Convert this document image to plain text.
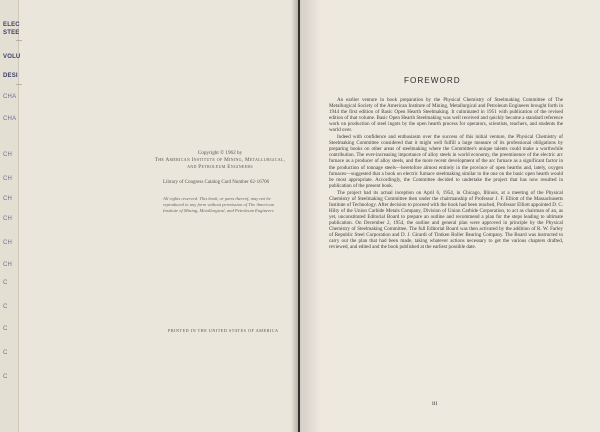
ELEC
STEE
VOLU
DESI
CHA
CHA
CH
CH
CH
CH
CH
CH
C
C
C
C
C
Copyright © 1962 by
The American Institute of Mining, Metallurgical, and Petroleum Engineers
Library of Congress Catalog Card Number 62-16706
All rights reserved. This book, or parts thereof, may not be reproduced in any form without permission of The American Institute of Mining, Metallurgical, and Petroleum Engineers
PRINTED IN THE UNITED STATES OF AMERICA
FOREWORD

An earlier venture in book preparation by the Physical Chemistry of Steelmaking Committee of The Metallurgical Society of the American Institute of Mining, Metallurgical and Petroleum Engineers brought forth in 1944 the first edition of Basic Open Hearth Steelmaking. It culminated in 1951 with publication of the revised edition of that volume. Basic Open Hearth Steelmaking was well received and quickly became a standard reference work on production of steel ingots by the open hearth process for operators, scientists, teachers, and students the world over.

Indeed with confidence and enthusiasm over the success of this initial venture, the Physical Chemistry of Steelmaking Committee considered that it might well fulfill a large measure of its professional obligations by preparing books on other areas of steelmaking where the Committee's unique talents could make a worthwhile contribution. The ever-increasing importance of alloy steels in world economy, the preeminence of the electric arc furnace as a producer of alloy steels, and the more recent development of the arc furnace as a significant factor in the production of tonnage steels—heretofore almost entirely in the province of open hearths and, lately, oxygen furnaces—suggested that a book on electric furnace steelmaking similar to the one on the basic open hearth would be most appropriate. Accordingly, the Committee decided to undertake the project that has now resulted in publication of the present book.

The project had its actual inception on April 6, 1954, in Chicago, Illinois, at a meeting of the Physical Chemistry of Steelmaking Committee then under the chairmanship of Professor J. F. Elliott of the Massachusetts Institute of Technology. After decision to proceed with the book had been reached, Professor Elliott appointed D. C. Hilty of the Union Carbide Metals Company, Division of Union Carbide Corporation, to act as chairman of an, as yet, unconstituted Editorial Board to prepare an outline and recommend a plan for the steps leading to ultimate publication. On December 2, 1954, the outline and general plan were approved in principle by the Physical Chemistry of Steelmaking Committee. The full Editorial Board was then activated by the addition of R. W. Farley of Republic Steel Corporation and D. J. Girardi of Timken Roller Bearing Company. The Board was instructed to carry out the plan that had been made, taking whatever actions necessary to get the various chapters drafted, reviewed, and edited and the book published at the earliest possible date.

iii
